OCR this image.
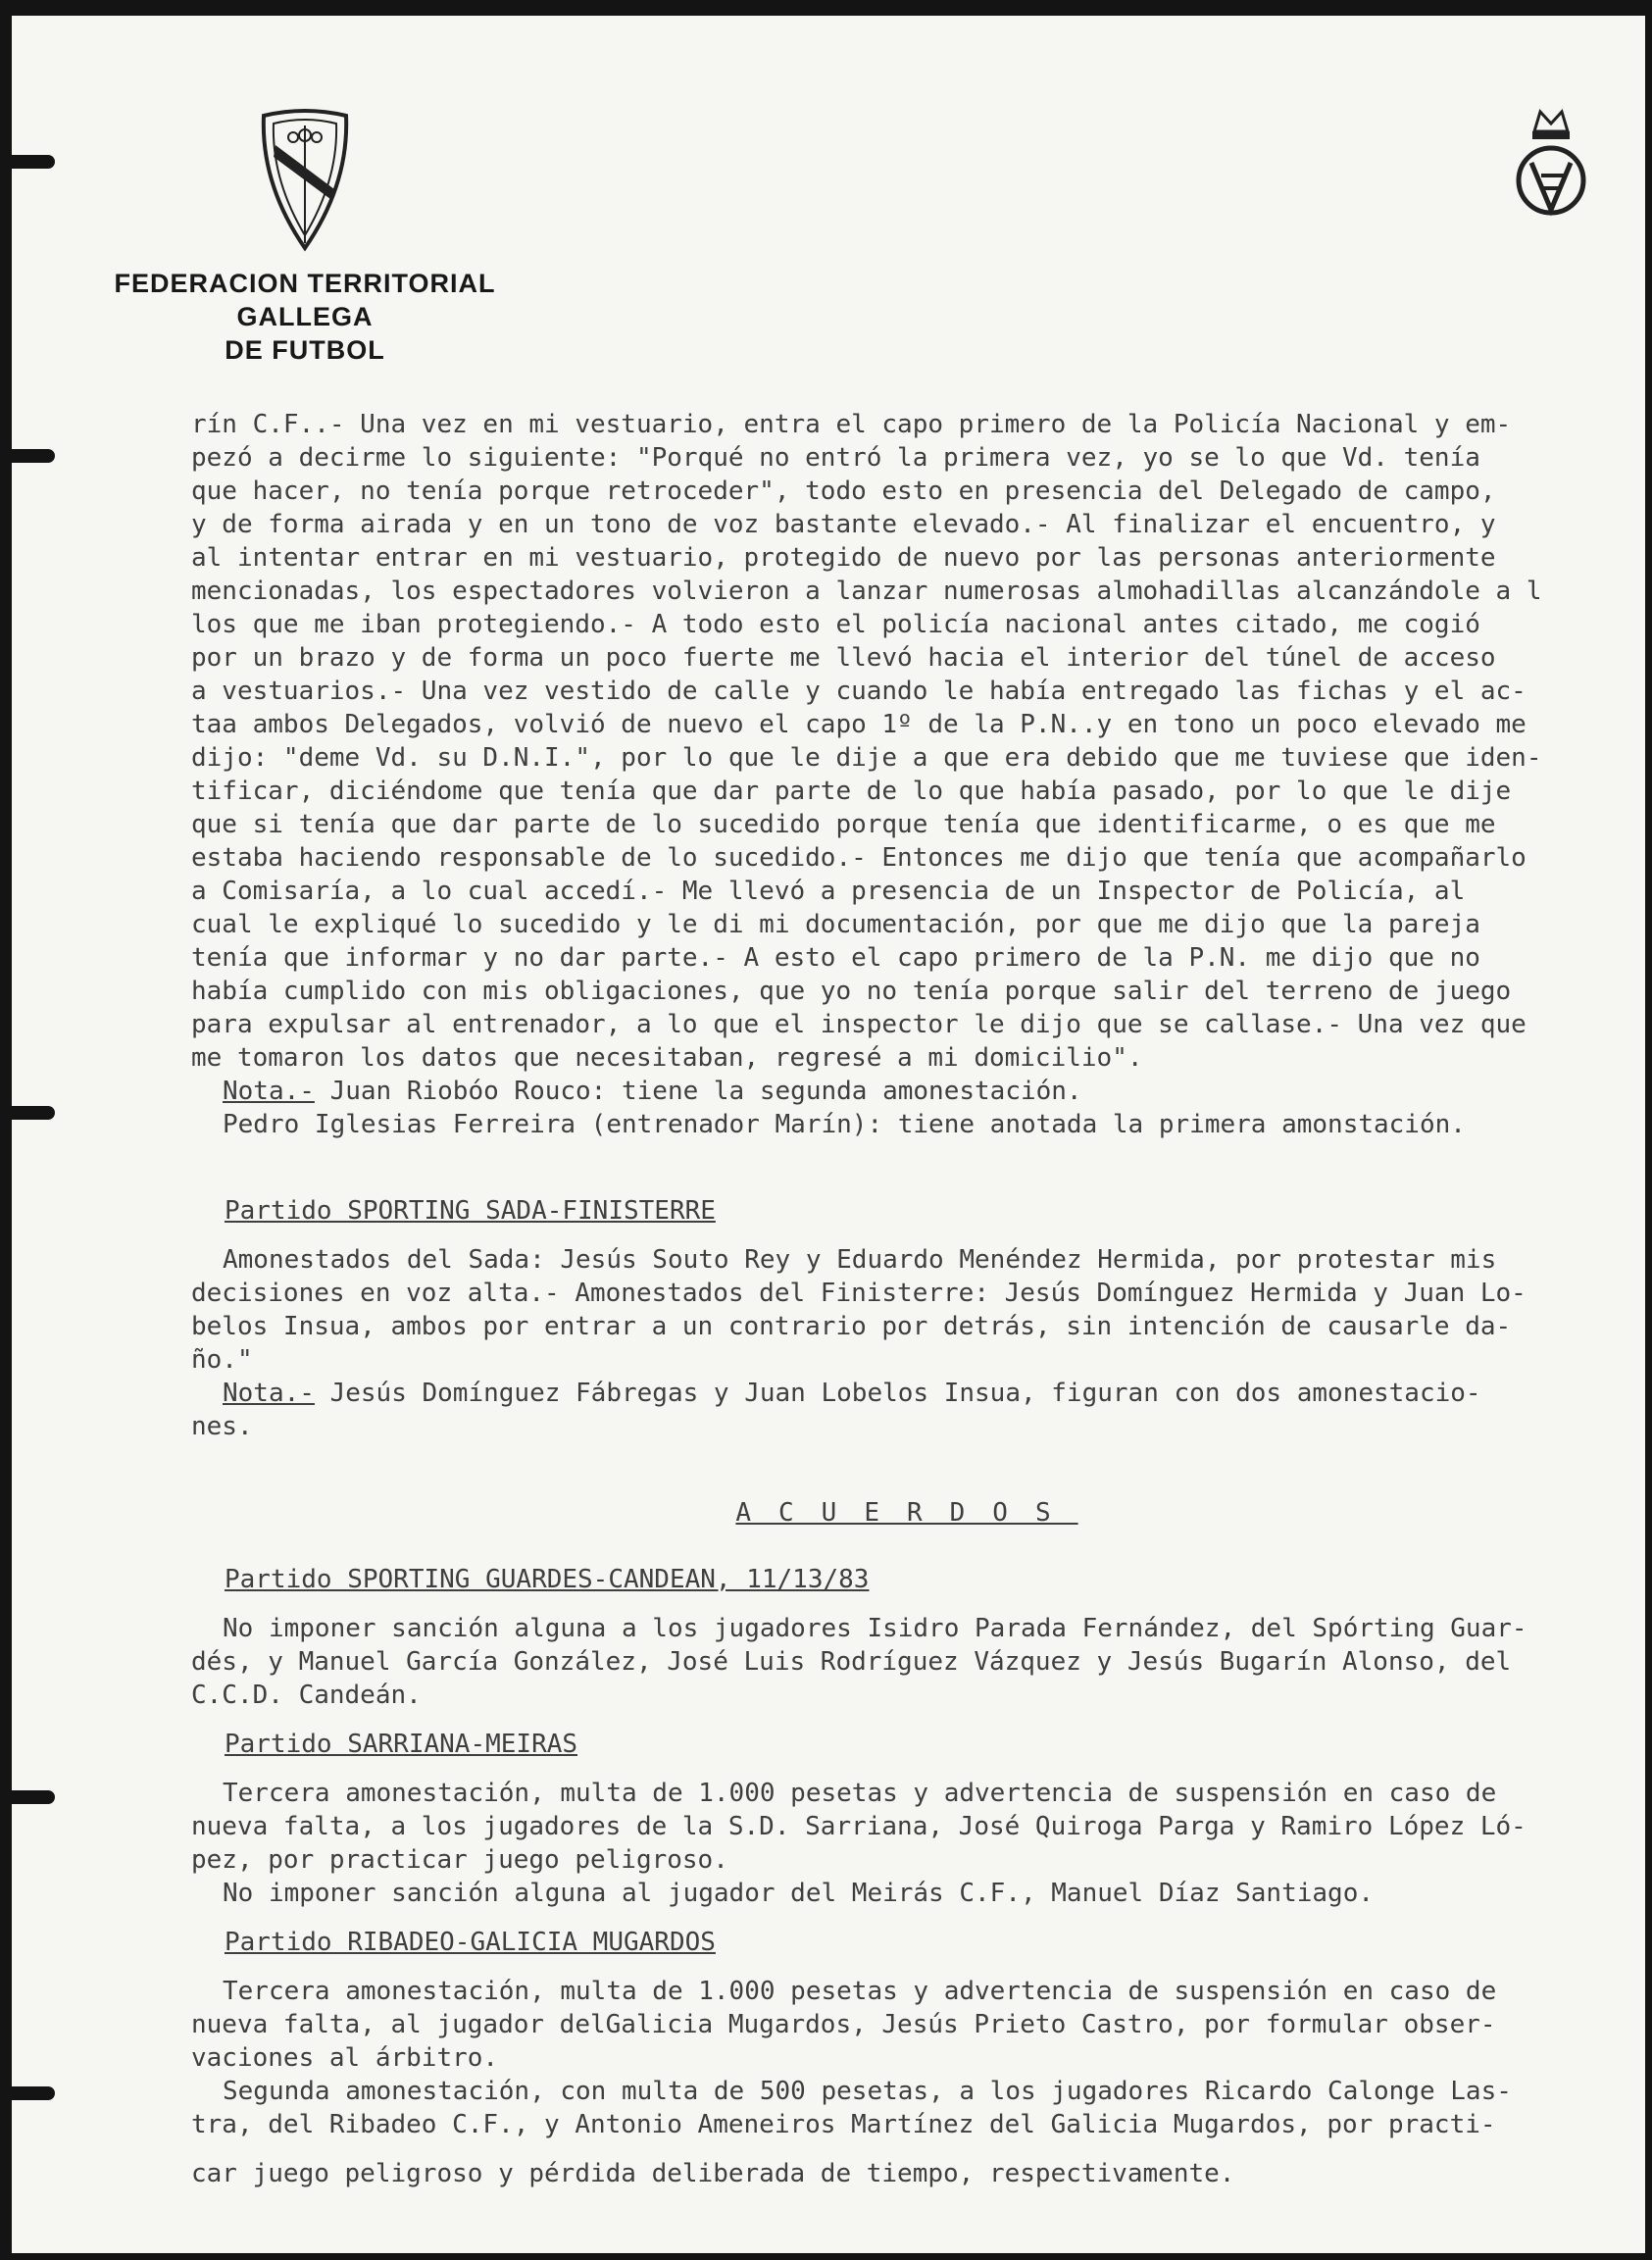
FEDERACION TERRITORIAL GALLEGA
DE FUTBOL

rín C.F..- Una vez en mi vestuario, entra el capo primero de la Policía Nacional y em-

pezó a decirme lo siguiente: "Porqué no entró la primera vez, yo se lo que Vd. tenía

que hacer, no tenía porque retroceder", todo esto en presencia del Delegado de campo,

y de forma airada y en un tono de voz bastante elevado.- Al finalizar el encuentro, y

al intentar entrar en mi vestuario, protegido de nuevo por las personas anteriormente

mencionadas, los espectadores volvieron a lanzar numerosas almohadillas alcanzándole a l

los que me iban protegiendo.- A todo esto el policía nacional antes citado, me cogió

por un brazo y de forma un poco fuerte me llevó hacia el interior del túnel de acceso

a vestuarios.- Una vez vestido de calle y cuando le había entregado las fichas y el ac-

taa ambos Delegados, volvió de nuevo el capo 1º de la P.N..y en tono un poco elevado me

dijo: "deme Vd. su D.N.I.", por lo que le dije a que era debido que me tuviese que iden-

tificar, diciéndome que tenía que dar parte de lo que había pasado, por lo que le dije

que si tenía que dar parte de lo sucedido porque tenía que identificarme, o es que me

estaba haciendo responsable de lo sucedido.- Entonces me dijo que tenía que acompañarlo

a Comisaría, a lo cual accedí.- Me llevó a presencia de un Inspector de Policía, al

cual le expliqué lo sucedido y le di mi documentación, por que me dijo que la pareja

tenía que informar y no dar parte.- A esto el capo primero de la P.N. me dijo que no

había cumplido con mis obligaciones, que yo no tenía porque salir del terreno de juego

para expulsar al entrenador, a lo que el inspector le dijo que se callase.- Una vez que

me tomaron los datos que necesitaban, regresé a mi domicilio".

Nota.- Juan Riobóo Rouco: tiene la segunda amonestación.

Pedro Iglesias Ferreira (entrenador Marín): tiene anotada la primera amonstación.

Partido SPORTING SADA-FINISTERRE

Amonestados del Sada: Jesús Souto Rey y Eduardo Menéndez Hermida, por protestar mis

decisiones en voz alta.- Amonestados del Finisterre: Jesús Domínguez Hermida y Juan Lo-

belos Insua, ambos por entrar a un contrario por detrás, sin intención de causarle da-

ño."

Nota.- Jesús Domínguez Fábregas y Juan Lobelos Insua, figuran con dos amonestacio-

nes.

ACUERDOS

Partido SPORTING GUARDES-CANDEAN, 11/13/83

No imponer sanción alguna a los jugadores Isidro Parada Fernández, del Spórting Guar-

dés, y Manuel García González, José Luis Rodríguez Vázquez y Jesús Bugarín Alonso, del

C.C.D. Candeán.

Partido SARRIANA-MEIRAS

Tercera amonestación, multa de 1.000 pesetas y advertencia de suspensión en caso de

nueva falta, a los jugadores de la S.D. Sarriana, José Quiroga Parga y Ramiro López Ló-

pez, por practicar juego peligroso.

No imponer sanción alguna al jugador del Meirás C.F., Manuel Díaz Santiago.

Partido RIBADEO-GALICIA MUGARDOS

Tercera amonestación, multa de 1.000 pesetas y advertencia de suspensión en caso de

nueva falta, al jugador delGalicia Mugardos, Jesús Prieto Castro, por formular obser-

vaciones al árbitro.

Segunda amonestación, con multa de 500 pesetas, a los jugadores Ricardo Calonge Las-

tra, del Ribadeo C.F., y Antonio Ameneiros Martínez del Galicia Mugardos, por practi-

car juego peligroso y pérdida deliberada de tiempo, respectivamente.
